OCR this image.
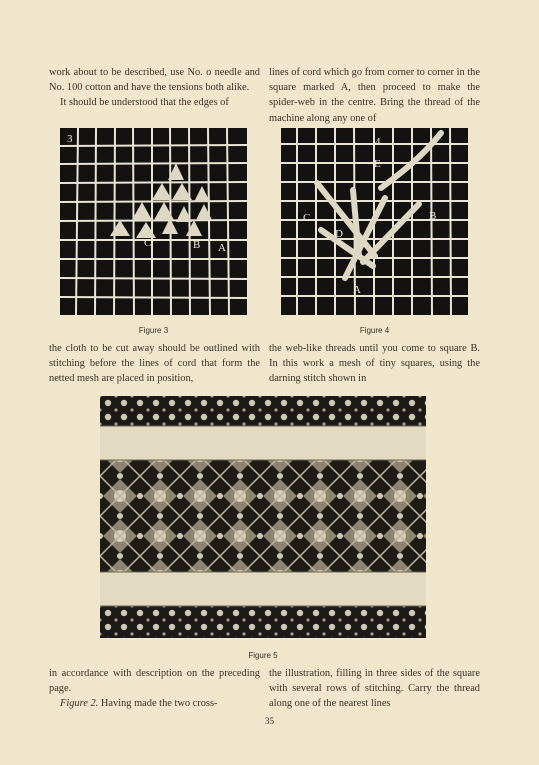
work about to be described, use No. o needle and No. 100 cotton and have the tensions both alike.

It should be understood that the edges of

lines of cord which go from corner to corner in the square marked A, then proceed to make the spider-web in the centre. Bring the thread of the machine along any one of

3
C	B A
Figure 3
4
E
C
D
B
A
Figure 4

the cloth to be cut away should be outlined with stitching before the lines of cord that form the netted mesh are placed in position,

the web-like threads until you come to square B. In this work a mesh of tiny squares, using the darning stitch shown in

Figure 5

in accordance with description on the preceding page.

Figure 2. Having made the two cross-

the illustration, filling in three sides of the square with several rows of stitching. Carry the thread along one of the nearest lines

35
